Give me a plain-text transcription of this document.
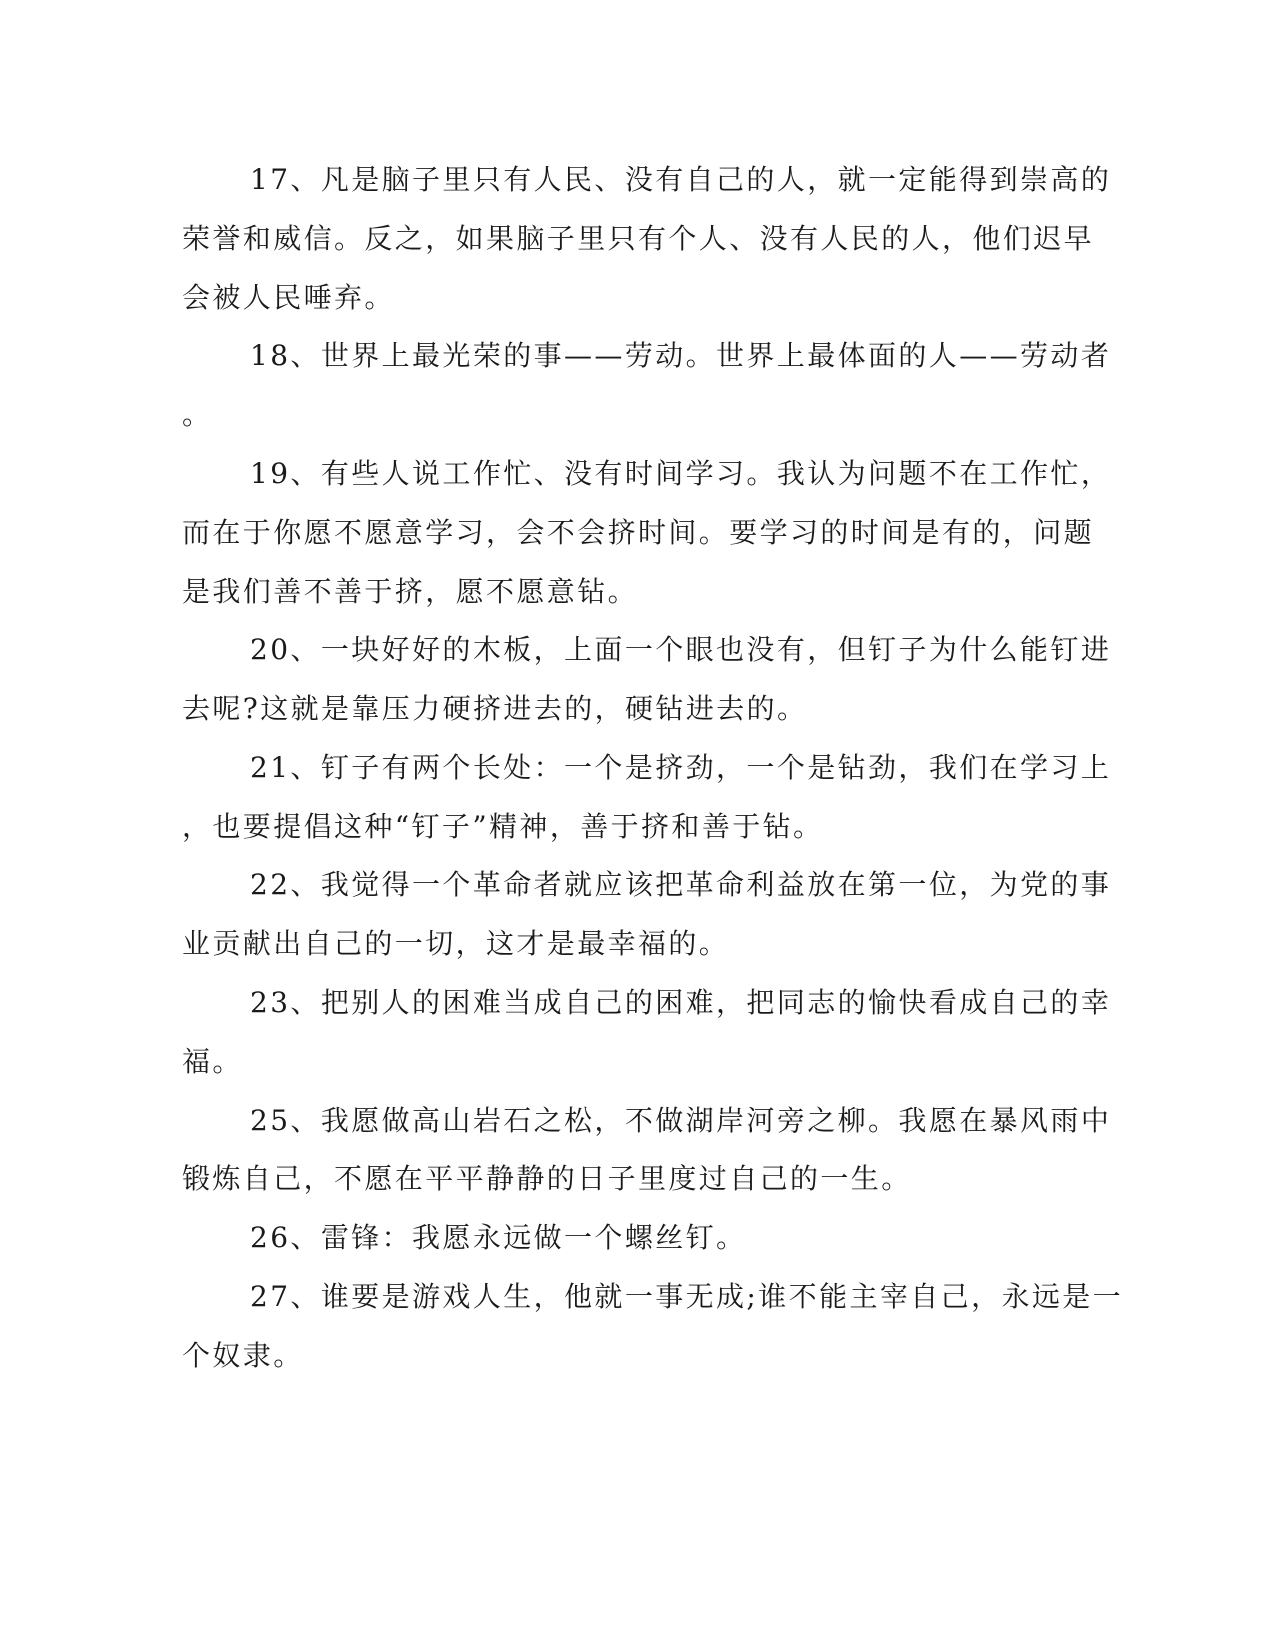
17、凡是脑子里只有人民、没有自己的人，就一定能得到崇高的

荣誉和威信。反之，如果脑子里只有个人、没有人民的人，他们迟早

会被人民唾弃。

18、世界上最光荣的事——劳动。世界上最体面的人——劳动者

。

19、有些人说工作忙、没有时间学习。我认为问题不在工作忙，

而在于你愿不愿意学习，会不会挤时间。要学习的时间是有的，问题

是我们善不善于挤，愿不愿意钻。

20、一块好好的木板，上面一个眼也没有，但钉子为什么能钉进

去呢?这就是靠压力硬挤进去的，硬钻进去的。

21、钉子有两个长处：一个是挤劲，一个是钻劲，我们在学习上

，也要提倡这种“钉子”精神，善于挤和善于钻。

22、我觉得一个革命者就应该把革命利益放在第一位，为党的事

业贡献出自己的一切，这才是最幸福的。

23、把别人的困难当成自己的困难，把同志的愉快看成自己的幸

福。

25、我愿做高山岩石之松，不做湖岸河旁之柳。我愿在暴风雨中

锻炼自己，不愿在平平静静的日子里度过自己的一生。

26、雷锋：我愿永远做一个螺丝钉。

27、谁要是游戏人生，他就一事无成;谁不能主宰自己，永远是一

个奴隶。
